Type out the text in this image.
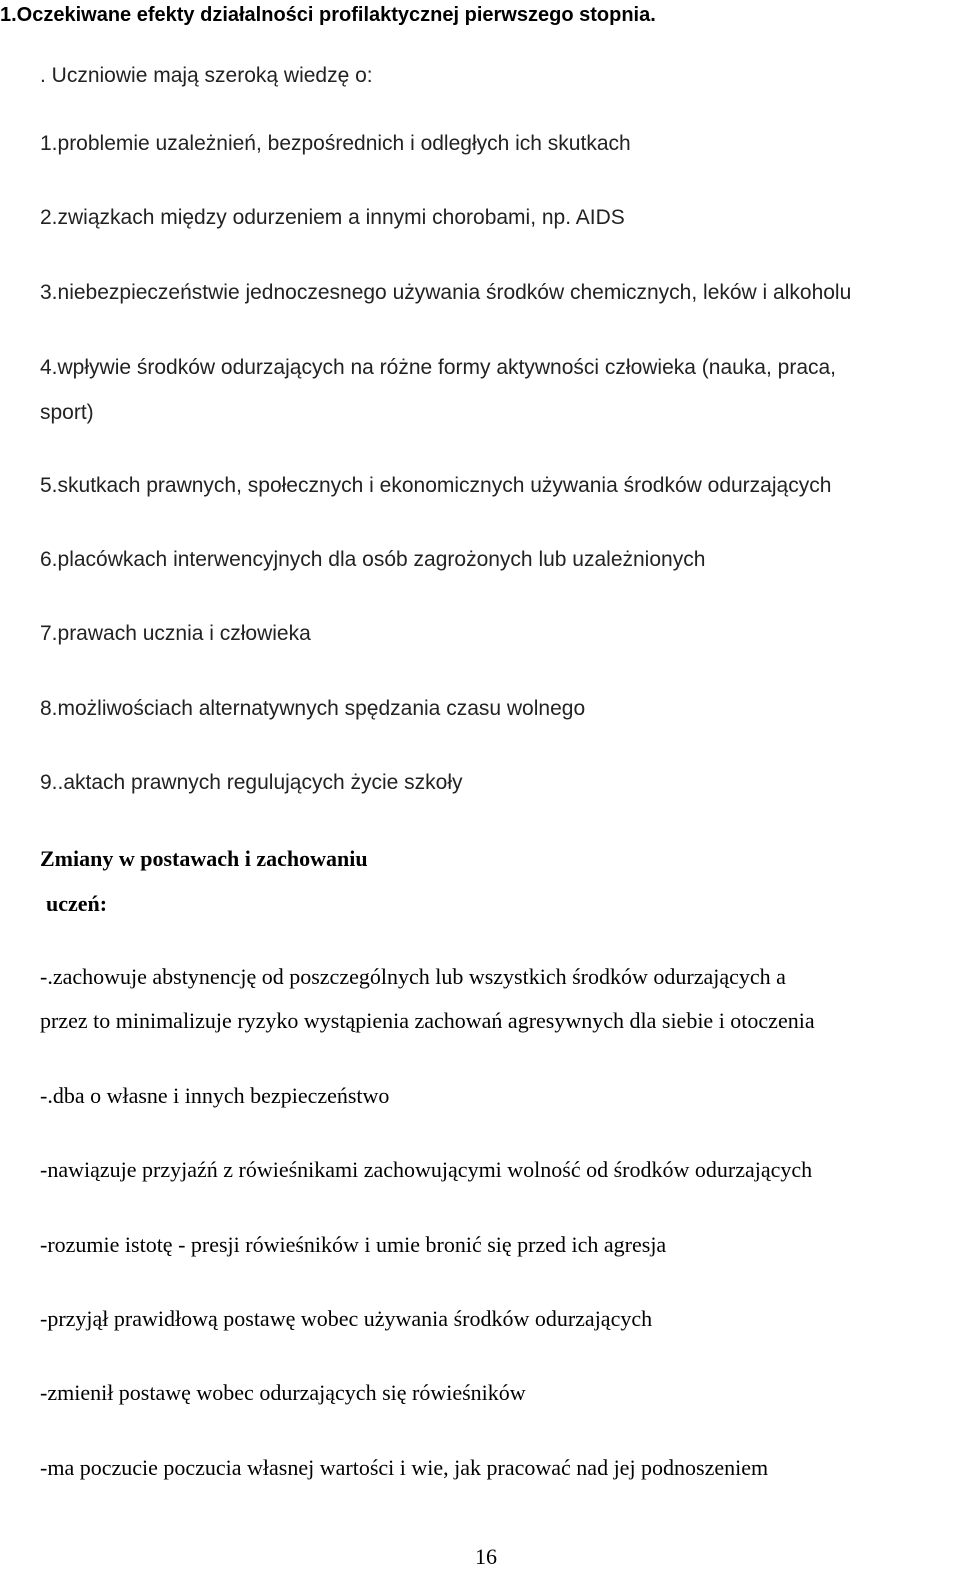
1.Oczekiwane efekty działalności profilaktycznej pierwszego stopnia.
. Uczniowie mają szeroką wiedzę o:
1.problemie uzależnień, bezpośrednich i odległych ich skutkach
2.związkach między odurzeniem a innymi chorobami, np. AIDS
3.niebezpieczeństwie jednoczesnego używania środków chemicznych, leków i alkoholu
4.wpływie środków odurzających na różne formy aktywności człowieka (nauka, praca,
sport)
5.skutkach prawnych, społecznych i ekonomicznych używania środków odurzających
6.placówkach interwencyjnych dla osób zagrożonych lub uzależnionych
7.prawach ucznia i człowieka
8.możliwościach alternatywnych spędzania czasu wolnego
9..aktach prawnych regulujących życie szkoły
Zmiany w postawach i zachowaniu
uczeń:
-.zachowuje abstynencję od poszczególnych lub wszystkich środków odurzających a
przez to minimalizuje ryzyko wystąpienia zachowań agresywnych dla siebie i otoczenia
-.dba o własne i innych bezpieczeństwo
-nawiązuje przyjaźń z rówieśnikami zachowującymi wolność od środków odurzających
-rozumie istotę - presji rówieśników i umie bronić się przed ich agresja
-przyjął prawidłową postawę wobec używania środków odurzających
-zmienił postawę wobec odurzających się rówieśników
-ma poczucie poczucia własnej wartości i wie, jak pracować nad jej podnoszeniem
16
